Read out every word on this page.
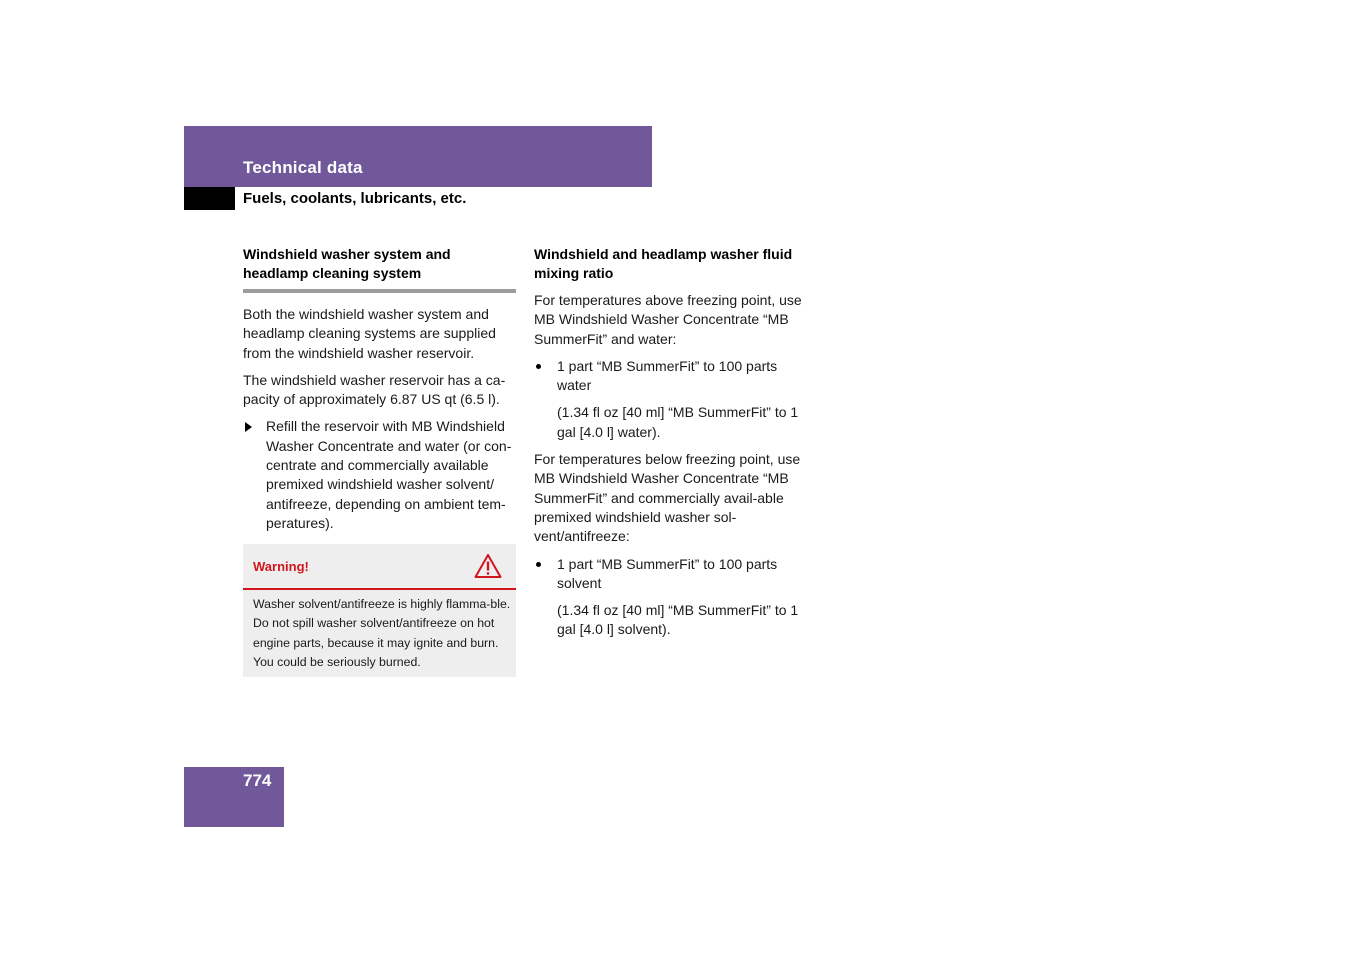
Technical data
Fuels, coolants, lubricants, etc.
Windshield washer system and
headlamp cleaning system

Both the windshield washer system and headlamp cleaning systems are supplied from the windshield washer reservoir.

The windshield washer reservoir has a ca-pacity of approximately 6.87 US qt (6.5 l).

Refill the reservoir with MB Windshield Washer Concentrate and water (or con-centrate and commercially available premixed windshield washer solvent/ antifreeze, depending on ambient tem-peratures).

Warning!
Washer solvent/antifreeze is highly flamma-ble. Do not spill washer solvent/antifreeze on hot engine parts, because it may ignite and burn. You could be seriously burned.
Windshield and headlamp washer fluid
mixing ratio

For temperatures above freezing point, use MB Windshield Washer Concentrate “MB SummerFit” and water:

1 part “MB SummerFit” to 100 parts water

(1.34 fl oz [40 ml] “MB SummerFit” to 1 gal [4.0 l] water).

For temperatures below freezing point, use MB Windshield Washer Concentrate “MB SummerFit” and commercially avail-able premixed windshield washer sol-vent/antifreeze:

1 part “MB SummerFit” to 100 parts solvent

(1.34 fl oz [40 ml] “MB SummerFit” to 1 gal [4.0 l] solvent).

774
